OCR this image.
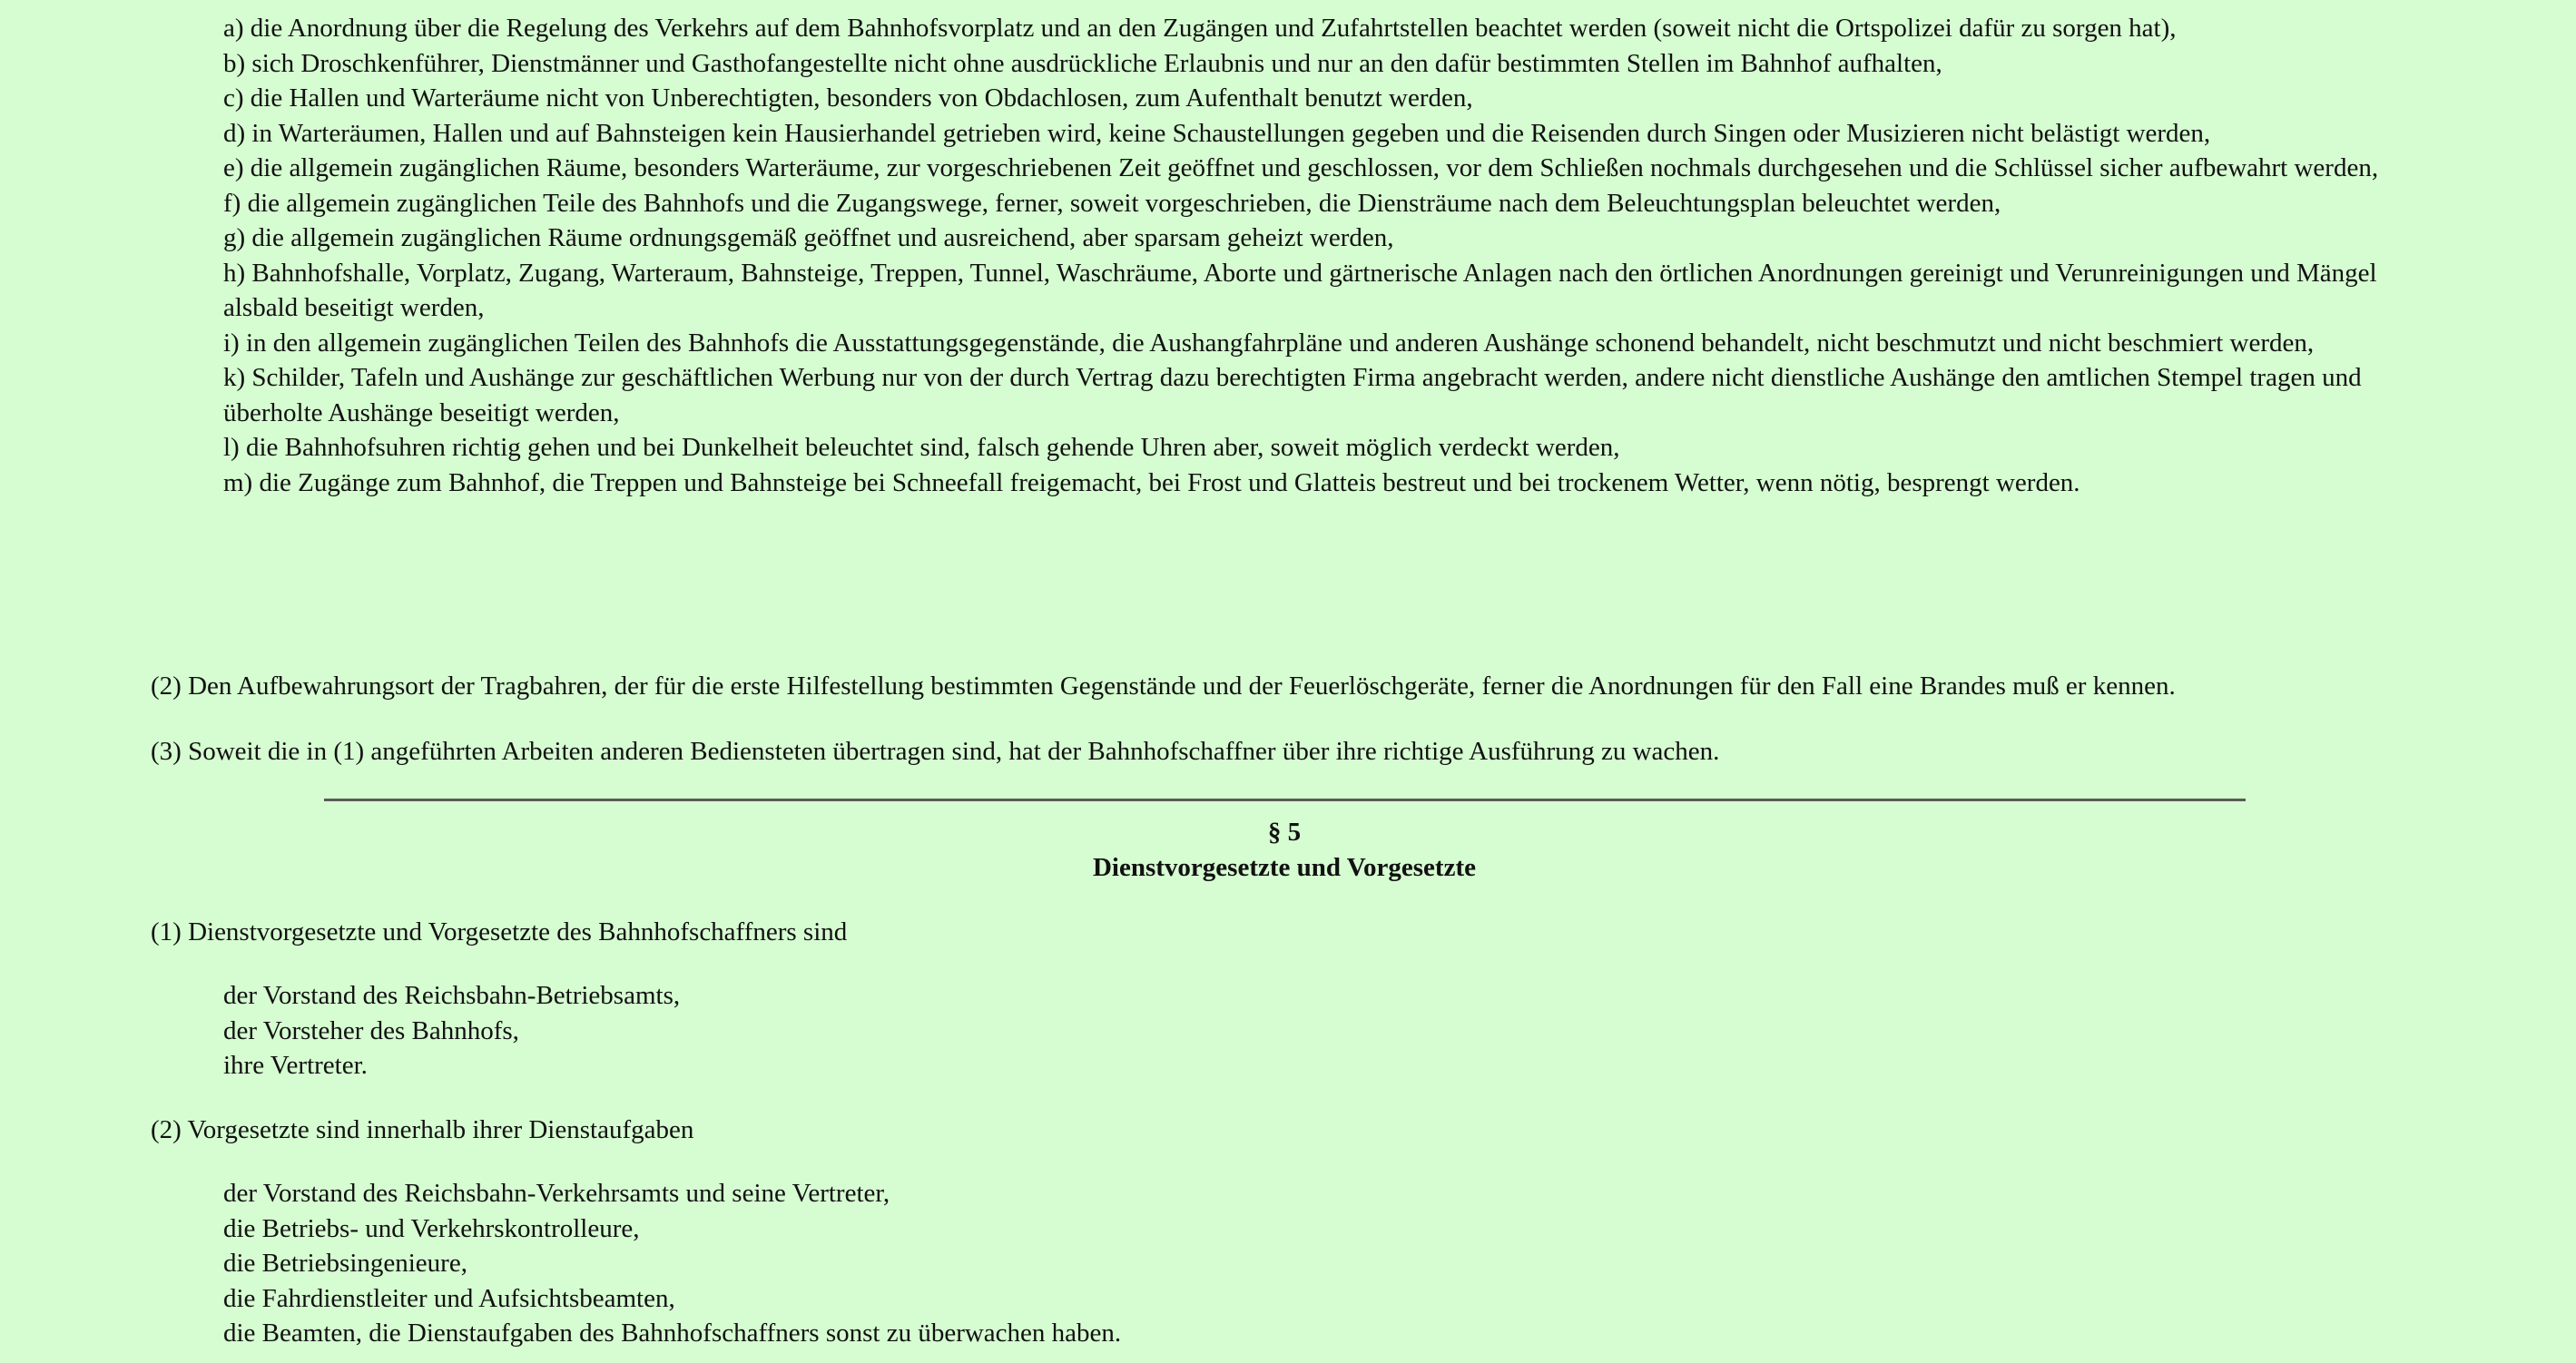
a) die Anordnung über die Regelung des Verkehrs auf dem Bahnhofsvorplatz und an den Zugängen und Zufahrtstellen beachtet werden (soweit nicht die Ortspolizei dafür zu sorgen hat),
b) sich Droschkenführer, Dienstmänner und Gasthofangestellte nicht ohne ausdrückliche Erlaubnis und nur an den dafür bestimmten Stellen im Bahnhof aufhalten,
c) die Hallen und Warteräume nicht von Unberechtigten, besonders von Obdachlosen, zum Aufenthalt benutzt werden,
d) in Warteräumen, Hallen und auf Bahnsteigen kein Hausierhandel getrieben wird, keine Schaustellungen gegeben und die Reisenden durch Singen oder Musizieren nicht belästigt werden,
e) die allgemein zugänglichen Räume, besonders Warteräume, zur vorgeschriebenen Zeit geöffnet und geschlossen, vor dem Schließen nochmals durchgesehen und die Schlüssel sicher aufbewahrt werden,
f) die allgemein zugänglichen Teile des Bahnhofs und die Zugangswege, ferner, soweit vorgeschrieben, die Diensträume nach dem Beleuchtungsplan beleuchtet werden,
g) die allgemein zugänglichen Räume ordnungsgemäß geöffnet und ausreichend, aber sparsam geheizt werden,
h) Bahnhofshalle, Vorplatz, Zugang, Warteraum, Bahnsteige, Treppen, Tunnel, Waschräume, Aborte und gärtnerische Anlagen nach den örtlichen Anordnungen gereinigt und Verunreinigungen und Mängel alsbald beseitigt werden,
i) in den allgemein zugänglichen Teilen des Bahnhofs die Ausstattungsgegenstände, die Aushangfahrpläne und anderen Aushänge schonend behandelt, nicht beschmutzt und nicht beschmiert werden,
k) Schilder, Tafeln und Aushänge zur geschäftlichen Werbung nur von der durch Vertrag dazu berechtigten Firma angebracht werden, andere nicht dienstliche Aushänge den amtlichen Stempel tragen und überholte Aushänge beseitigt werden,
l) die Bahnhofsuhren richtig gehen und bei Dunkelheit beleuchtet sind, falsch gehende Uhren aber, soweit möglich verdeckt werden,
m) die Zugänge zum Bahnhof, die Treppen und Bahnsteige bei Schneefall freigemacht, bei Frost und Glatteis bestreut und bei trockenem Wetter, wenn nötig, besprengt werden.

(2) Den Aufbewahrungsort der Tragbahren, der für die erste Hilfestellung bestimmten Gegenstände und der Feuerlöschgeräte, ferner die Anordnungen für den Fall eine Brandes muß er kennen.

(3) Soweit die in (1) angeführten Arbeiten anderen Bediensteten übertragen sind, hat der Bahnhofschaffner über ihre richtige Ausführung zu wachen.

§ 5
Dienstvorgesetzte und Vorgesetzte

(1) Dienstvorgesetzte und Vorgesetzte des Bahnhofschaffners sind

der Vorstand des Reichsbahn-Betriebsamts,
der Vorsteher des Bahnhofs,
ihre Vertreter.

(2) Vorgesetzte sind innerhalb ihrer Dienstaufgaben

der Vorstand des Reichsbahn-Verkehrsamts und seine Vertreter,
die Betriebs- und Verkehrskontrolleure,
die Betriebsingenieure,
die Fahrdienstleiter und Aufsichtsbeamten,
die Beamten, die Dienstaufgaben des Bahnhofschaffners sonst zu überwachen haben.
